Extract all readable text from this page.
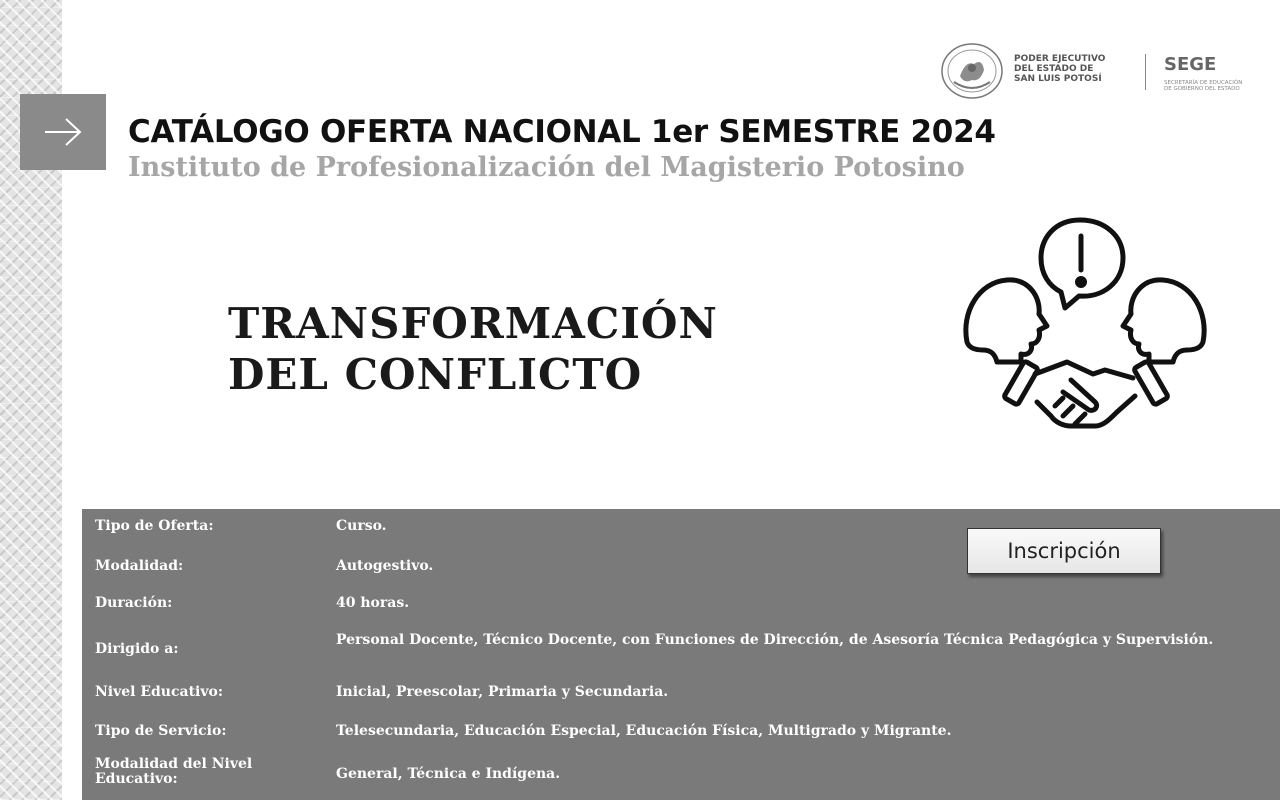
PODER EJECUTIVO
DEL ESTADO DE
SAN LUIS POTOSÍ
SEGE
SECRETARÍA DE EDUCACIÓN
DE GOBIERNO DEL ESTADO
CATÁLOGO OFERTA NACIONAL 1er SEMESTRE 2024
Instituto de Profesionalización del Magisterio Potosino
TRANSFORMACIÓN
DEL CONFLICTO
Tipo de Oferta:	Curso.
Modalidad:	Autogestivo.
Duración:	40 horas.
Dirigido a:
Personal Docente, Técnico Docente, con Funciones de Dirección, de Asesoría Técnica Pedagógica y Supervisión.
Nivel Educativo:	Inicial, Preescolar, Primaria y Secundaria.
Tipo de Servicio:	Telesecundaria, Educación Especial, Educación Física, Multigrado y Migrante.
Modalidad del Nivel Educativo:	General, Técnica e Indígena.
Inscripción
